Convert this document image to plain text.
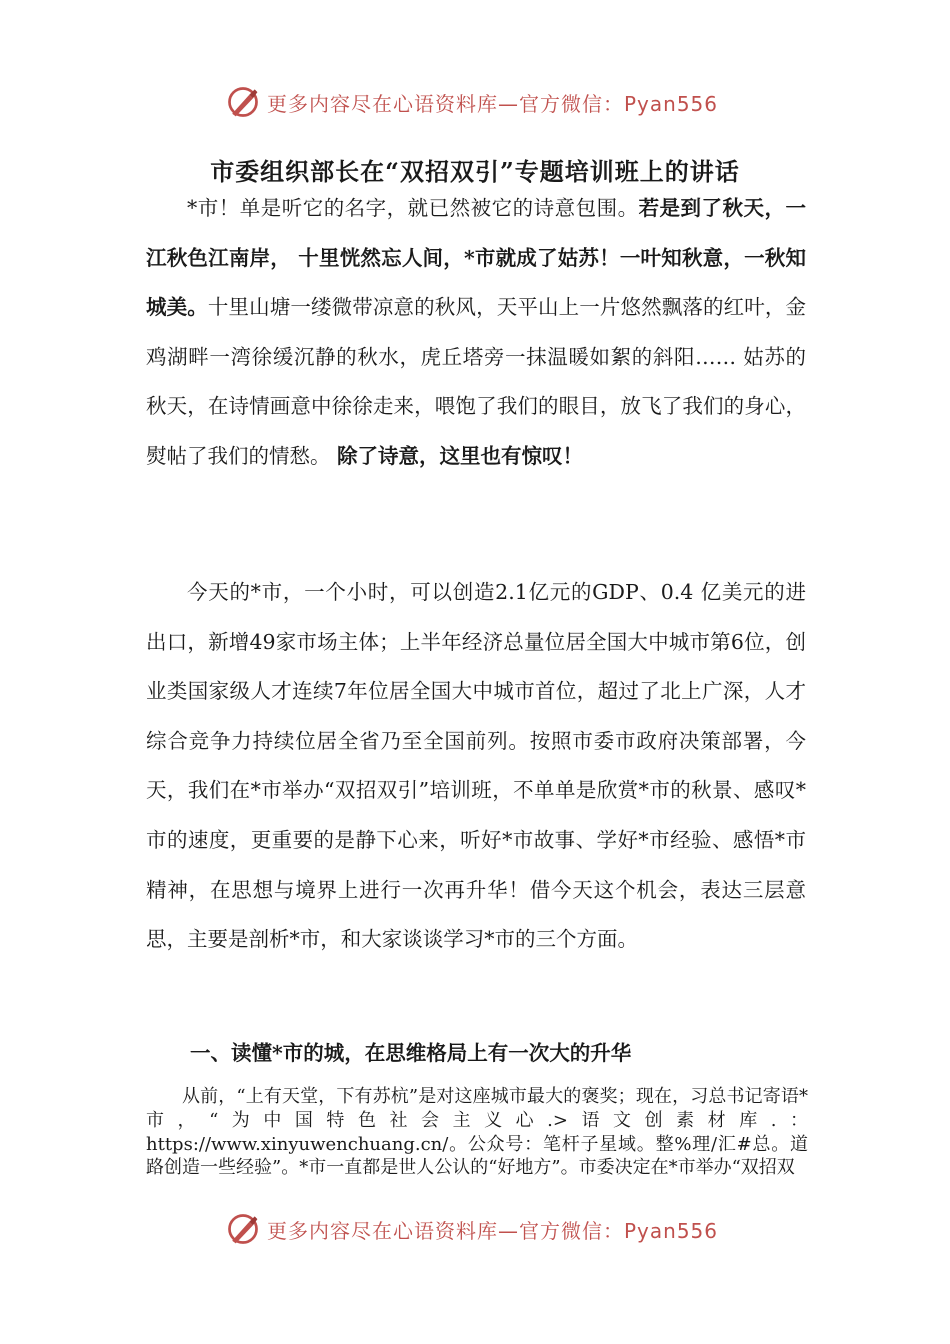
更多内容尽在心语资料库—官方微信：Pyan556
市委组织部长在“双招双引”专题培训班上的讲话

*市！单是听它的名字，就已然被它的诗意包围。若是到了秋天，一江秋色江南岸， 十里恍然忘人间，*市就成了姑苏！一叶知秋意，一秋知城美。十里山塘一缕微带凉意的秋风，天平山上一片悠然飘落的红叶，金鸡湖畔一湾徐缓沉静的秋水，虎丘塔旁一抹温暖如絮的斜阳…… 姑苏的秋天，在诗情画意中徐徐走来，喂饱了我们的眼目，放飞了我们的身心，熨帖了我们的情愁。 除了诗意，这里也有惊叹！

今天的*市，一个小时，可以创造2.1亿元的GDP、0.4 亿美元的进出口，新增49家市场主体；上半年经济总量位居全国大中城市第6位，创业类国家级人才连续7年位居全国大中城市首位，超过了北上广深，人才综合竞争力持续位居全省乃至全国前列。按照市委市政府决策部署，今天，我们在*市举办“双招双引”培训班，不单单是欣赏*市的秋景、感叹*市的速度，更重要的是静下心来，听好*市故事、学好*市经验、感悟*市精神，在思想与境界上进行一次再升华！借今天这个机会，表达三层意思，主要是剖析*市，和大家谈谈学习*市的三个方面。

一、读懂*市的城，在思维格局上有一次大的升华

从前，“上有天堂，下有苏杭”是对这座城市最大的褒奖；现在，习总书记寄语*市，“为中国特色社会主义心.>语文创素材库.：https://www.xinyuwenchuang.cn/。公众号：笔杆子星域。整%理/汇#总。道路创造一些经验”。*市一直都是世人公认的“好地方”。市委决定在*市举办“双招双

更多内容尽在心语资料库—官方微信：Pyan556
